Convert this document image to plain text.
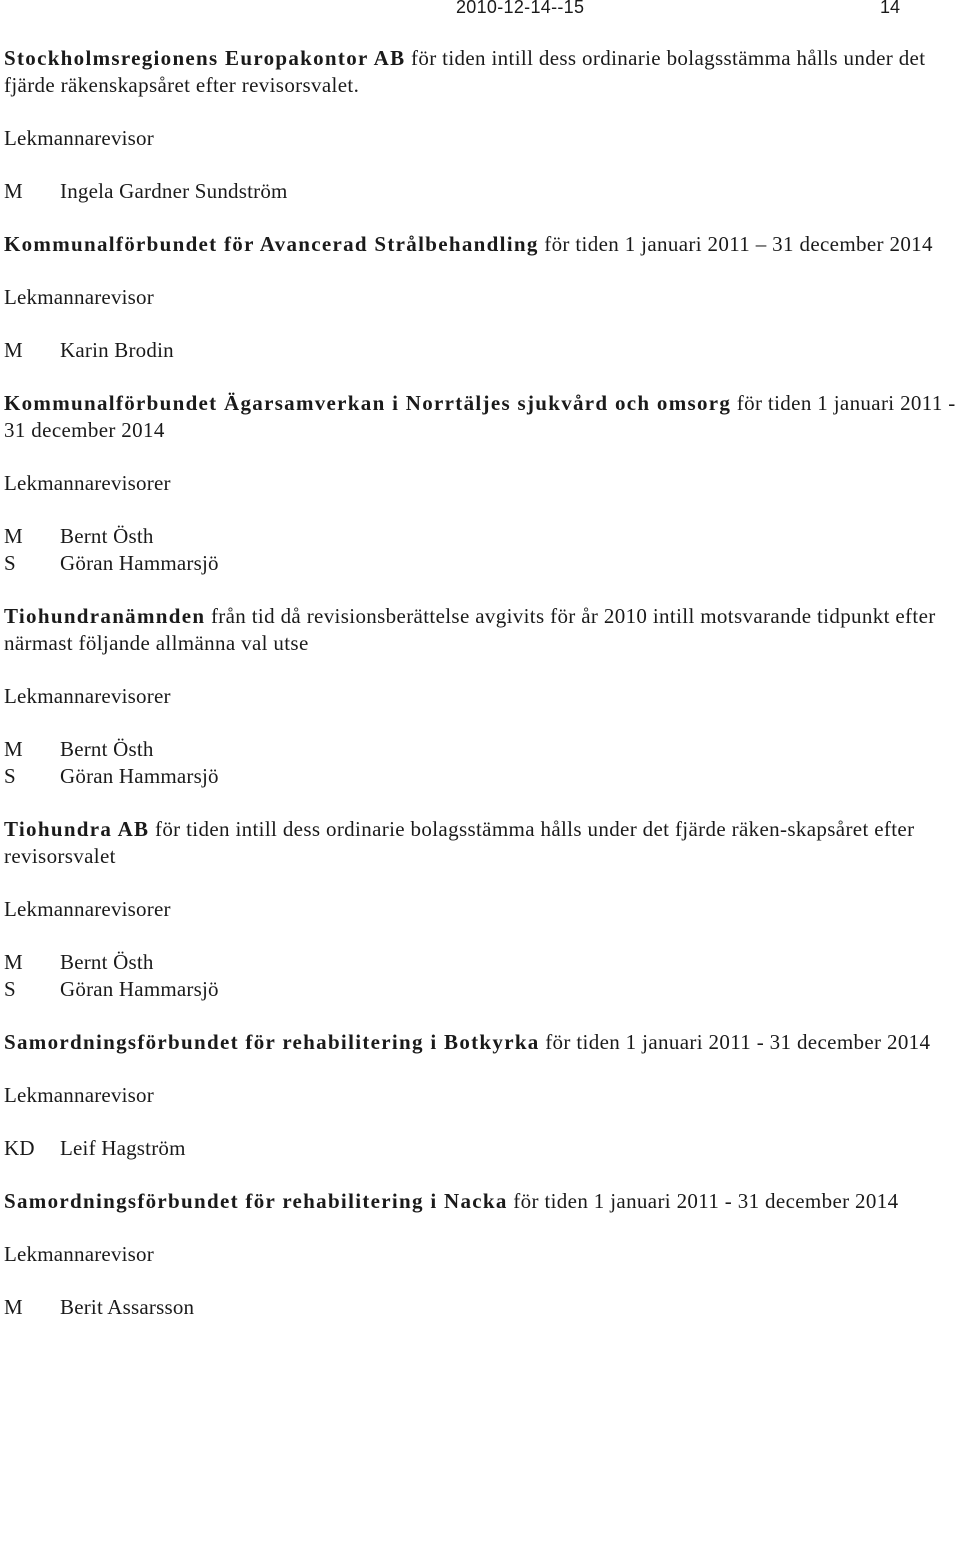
2010-12-14--15	14

Stockholmsregionens Europakontor AB för tiden intill dess ordinarie bolagsstämma hålls under det fjärde räkenskapsåret efter revisorsvalet.

Lekmannarevisor

M	Ingela Gardner Sundström

Kommunalförbundet för Avancerad Strålbehandling för tiden 1 januari 2011 – 31 december 2014

Lekmannarevisor

M	Karin Brodin

Kommunalförbundet Ägarsamverkan i Norrtäljes sjukvård och omsorg för tiden 1 januari 2011 - 31 december 2014

Lekmannarevisorer

M	Bernt Östh
S	Göran Hammarsjö

Tiohundranämnden från tid då revisionsberättelse avgivits för år 2010 intill motsvarande tidpunkt efter närmast följande allmänna val utse

Lekmannarevisorer

M	Bernt Östh
S	Göran Hammarsjö

Tiohundra AB för tiden intill dess ordinarie bolagsstämma hålls under det fjärde räken-skapsåret efter revisorsvalet

Lekmannarevisorer

M	Bernt Östh
S	Göran Hammarsjö

Samordningsförbundet för rehabilitering i Botkyrka för tiden 1 januari 2011 - 31 december 2014

Lekmannarevisor

KD	Leif Hagström

Samordningsförbundet för rehabilitering i Nacka för tiden 1 januari 2011 - 31 december 2014

Lekmannarevisor

M	Berit Assarsson
